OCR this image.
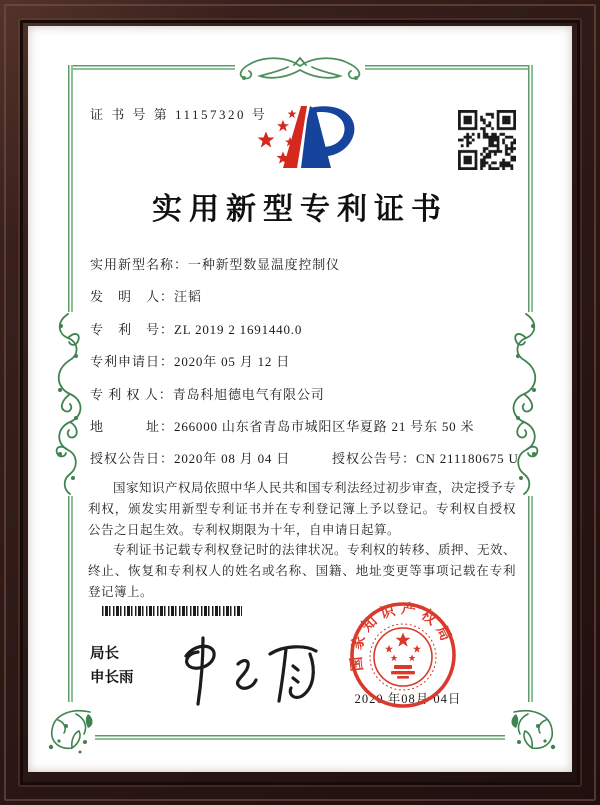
证 书 号 第 11157320 号
实用新型专利证书
实用新型名称：一种新型数显温度控制仪
发　明　人：汪韬
专　利　号：ZL 2019 2 1691440.0
专利申请日：2020年 05 月 12 日
专 利 权 人：青岛科旭德电气有限公司
地　　　址：266000 山东省青岛市城阳区华夏路 21 号东 50 米
授权公告日：2020年 08 月 04 日	授权公告号：CN 211180675 U

国家知识产权局依照中华人民共和国专利法经过初步审查，决定授予专利权，颁发实用新型专利证书并在专利登记簿上予以登记。专利权自授权公告之日起生效。专利权期限为十年，自申请日起算。

专利证书记载专利权登记时的法律状况。专利权的转移、质押、无效、终止、恢复和专利权人的姓名或名称、国籍、地址变更等事项记载在专利登记簿上。

局长
申长雨
2020 年08月 04日
国家知识产权局
